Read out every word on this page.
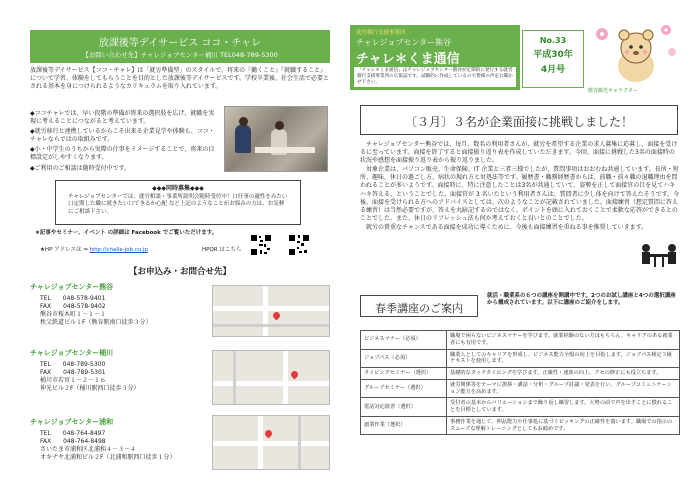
放課後等デイサービス ココ・チャレ
【お問い合わせ先】チャレジョブセンター桶川 TEL048-789-5300
放課後等デイサービス【ココ・チャレ】は「就労準備型」のスタイルで、将来の『働くこと』『就職すること』について学習、体験をしてもらうことを目的とした放課後等デイサービスです。学校卒業後、社会生活で必要とされる基本を身につけられるようなカリキュラムを取り入れています。
◆ココチャレでは、早い段階の準備が将来の選択肢を広げ、就職を実現に考えることにつながると考えています。
◆就労移行と連携しているからこそ出来る企業見学や体験も、ココ・チャレならではの取組みです。
◆小・中学生のうちから実際の仕事をイメージすることで、将来の目標設定がしやすくなります。
◆ご利用のご相談は随時受付中です。
◆◆◆同時募集◆◆◆
チャレジョブセンターでは、就労相談・事業所説明会随時受付中！口任事の適性をみたい口定期した職に就きたい口できるか心配 など上記のようなことがお悩みの方は、お気軽にご相談下さい。
★記事やセミナー、イベント の詳細は Facebook でご覧いただけます。
★HP アドレスは ⇒ http://challe-job.co.jp	HPQR はこちら
【お申込み・お問合せ先】
チャレジョブセンター熊谷
TEL　　048-578-9401
FAX　　048-578-9402
熊谷市桜木町１－１－１
秩父鉄道ビル１F（熊谷駅南口徒歩３分）
チャレジョブセンター桶川
TEL　　048-789-5300
FAX　　048-789-5301
桶川市若宮１－２－１６
伸光ビル２F（桶川駅西口徒歩３分）
チャレジョブセンター浦和
TEL　　048-764-8497
FAX　　048-764-8498
さいたま市浦和区北浦和４－３－４
オキナヤ北浦和ビル２F（北浦和駅西口徒歩１分）
就労移行支援事業所
チャレジョブセンター熊谷
チャレ＊くま通信
「チャレ＊くま通信」はチャレジョブセンター熊谷が定期的に発行する就労移行支援事業所の広報誌です。試験的に作成しているので皆様の声をお聞かせ下さい。
No.33
平成30年
4月号
熊谷観光キャラクター
〔３月〕３名が企業面接に挑戦しました！

チャレジョブセンター熊谷では、毎月、数名の利用者さんが、就労を希望する企業の求人募集に応募し、面接を受けるに至っています。面接を終了すると面接振り返り表を作成していただきます。今回、面接に挑戦した3名の面接時の状況や感想を面接振り返り表から振り返りました。

対象企業は、パソコン販売、生命保険、IT 企業と三者三様でしたが、質問事項はおおむね共通しています。長所・短所、趣味、休日の過ごし方、病状の現れ方と対処法等です。履歴書・職務経歴書からは、前職・前々職の退職理由を問われることが多いようです。面接時に、特に注意したことは3名が共通していて、姿勢を正して面接官の目を見てハキハキ答える、ということでした。面接官が 3 名いたという利用者さんは、質問者に少し体を向けて答えたそうです。今後、面接を受けられる方へのアドバイスとしては、次のようなことが記載されていました。面接練習（想定質問に答える練習）は当然必要ですが、答えを丸暗記するのではなく、ポイントを頭に入れておくことで柔軟な応答ができるとのことでした。また、休日のリフレッシュ法も何か考えておくと良いとのことでした。

就労の貴重なチャンスである面接を成功に導くために、今後も面接練習を重ねる事を推奨していきます。

春季講座のご案内
就活・職業系の６つの講座を開講中です。2つのお試し講座と4つの選択講座から構成されています。以下に講座のご紹介をします。
ビジネスマナー（必須）	職場で困らないビジネスマナーを学びます。就業経験のない方はもちろん、キャリアのある就業者にも有用です。
ジョブパス（必須）	職業人としてのキャリアを形成し、ビジネス能力全般の向上を目指します。ジョブパス検定３級テキストを使用します。
タイピングセミナー（選択）	基礎的なタッチタイピングを学びます。正確性・速度の向上、クセの修正にも役立ちます。
グループセミナー（選択）	就労関係等をテーマに挨拶・講話・分析・グループ討議・発表を行い、グループコミュニケーション能力を高めます。
電話対応演習（選択）	受付者の基本からバリエーションまで繰り返し練習します。大勢の前で声を出すことに慣れることを目標としています。
創業作業（選択）	事務作業を通じて、伸品能力や仕事処に基づくピッキングの正確性を養います。職場での指示のスムーズな理解トレーニングとしてもお勧めです。
